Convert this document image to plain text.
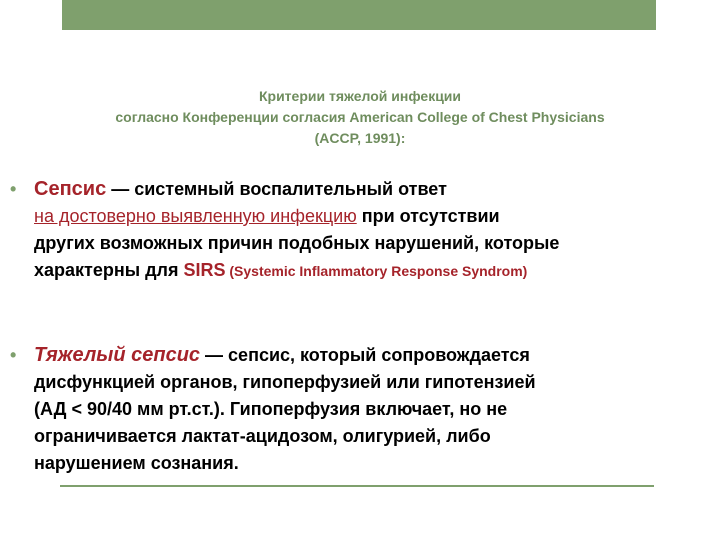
Критерии тяжелой инфекции
согласно Конференции согласия American College of Chest Physicians
(ACCP, 1991):
• Сепсис — системный воспалительный ответ
на достоверно выявленную инфекцию при отсутствии
других возможных причин подобных нарушений, которые
характерны для SIRS (Systemic Inflammatory Response Syndrom)
• Тяжелый сепсис — сепсис, который сопровождается
дисфункцией органов, гипоперфузией или гипотензией
(АД < 90/40 мм рт.ст.). Гипоперфузия включает, но не
ограничивается лактат-ацидозом, олигурией, либо
нарушением сознания.
